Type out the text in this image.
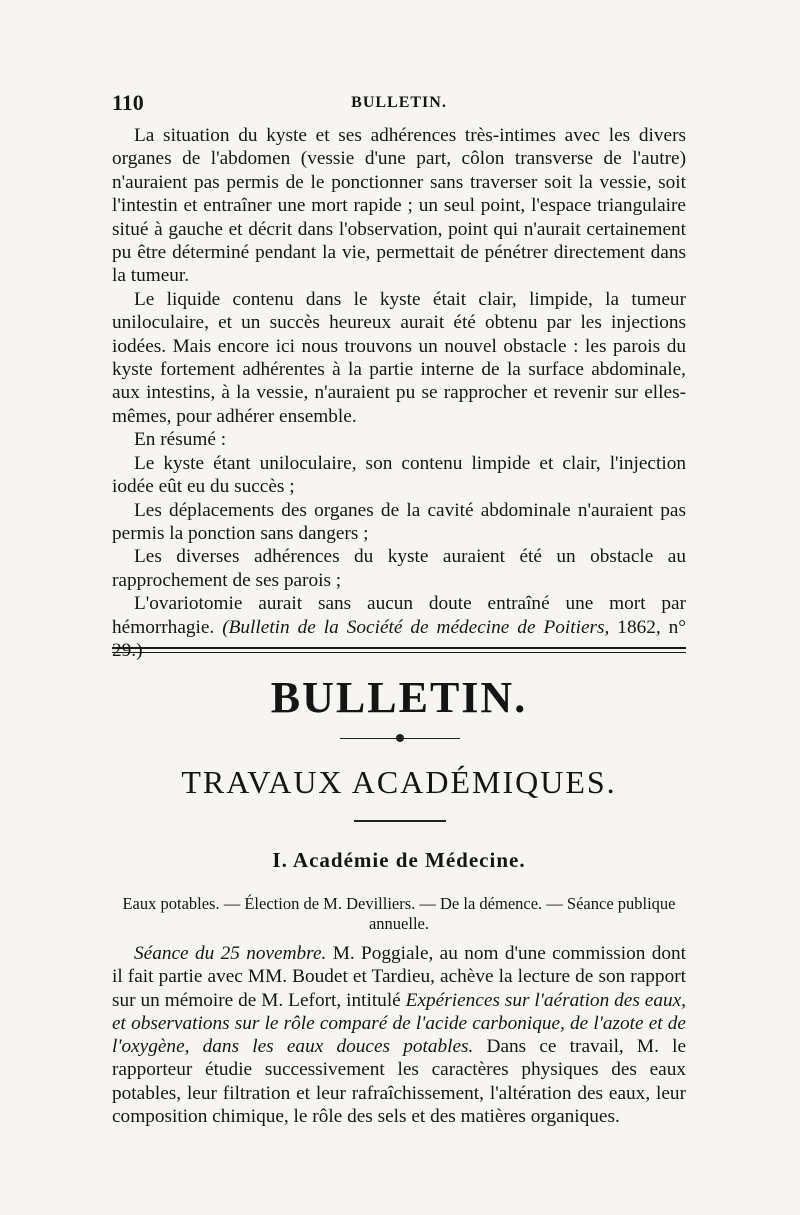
110	BULLETIN.

La situation du kyste et ses adhérences très-intimes avec les divers organes de l'abdomen (vessie d'une part, côlon transverse de l'autre) n'auraient pas permis de le ponctionner sans traverser soit la vessie, soit l'intestin et entraîner une mort rapide ; un seul point, l'espace triangulaire situé à gauche et décrit dans l'observation, point qui n'aurait certainement pu être déterminé pendant la vie, permettait de pénétrer directement dans la tumeur.

Le liquide contenu dans le kyste était clair, limpide, la tumeur uniloculaire, et un succès heureux aurait été obtenu par les injections iodées. Mais encore ici nous trouvons un nouvel obstacle : les parois du kyste fortement adhérentes à la partie interne de la surface abdominale, aux intestins, à la vessie, n'auraient pu se rapprocher et revenir sur elles-mêmes, pour adhérer ensemble.

En résumé :

Le kyste étant uniloculaire, son contenu limpide et clair, l'injection iodée eût eu du succès ;

Les déplacements des organes de la cavité abdominale n'auraient pas permis la ponction sans dangers ;

Les diverses adhérences du kyste auraient été un obstacle au rapprochement de ses parois ;

L'ovariotomie aurait sans aucun doute entraîné une mort par hémorrhagie. (Bulletin de la Société de médecine de Poitiers, 1862, n° 29.)

BULLETIN.
TRAVAUX ACADÉMIQUES.
I. Académie de Médecine.
Eaux potables. — Élection de M. Devilliers. — De la démence. — Séance publique annuelle.

Séance du 25 novembre. M. Poggiale, au nom d'une commission dont il fait partie avec MM. Boudet et Tardieu, achève la lecture de son rapport sur un mémoire de M. Lefort, intitulé Expériences sur l'aération des eaux, et observations sur le rôle comparé de l'acide carbonique, de l'azote et de l'oxygène, dans les eaux douces potables. Dans ce travail, M. le rapporteur étudie successivement les caractères physiques des eaux potables, leur filtration et leur rafraîchissement, l'altération des eaux, leur composition chimique, le rôle des sels et des matières organiques.
